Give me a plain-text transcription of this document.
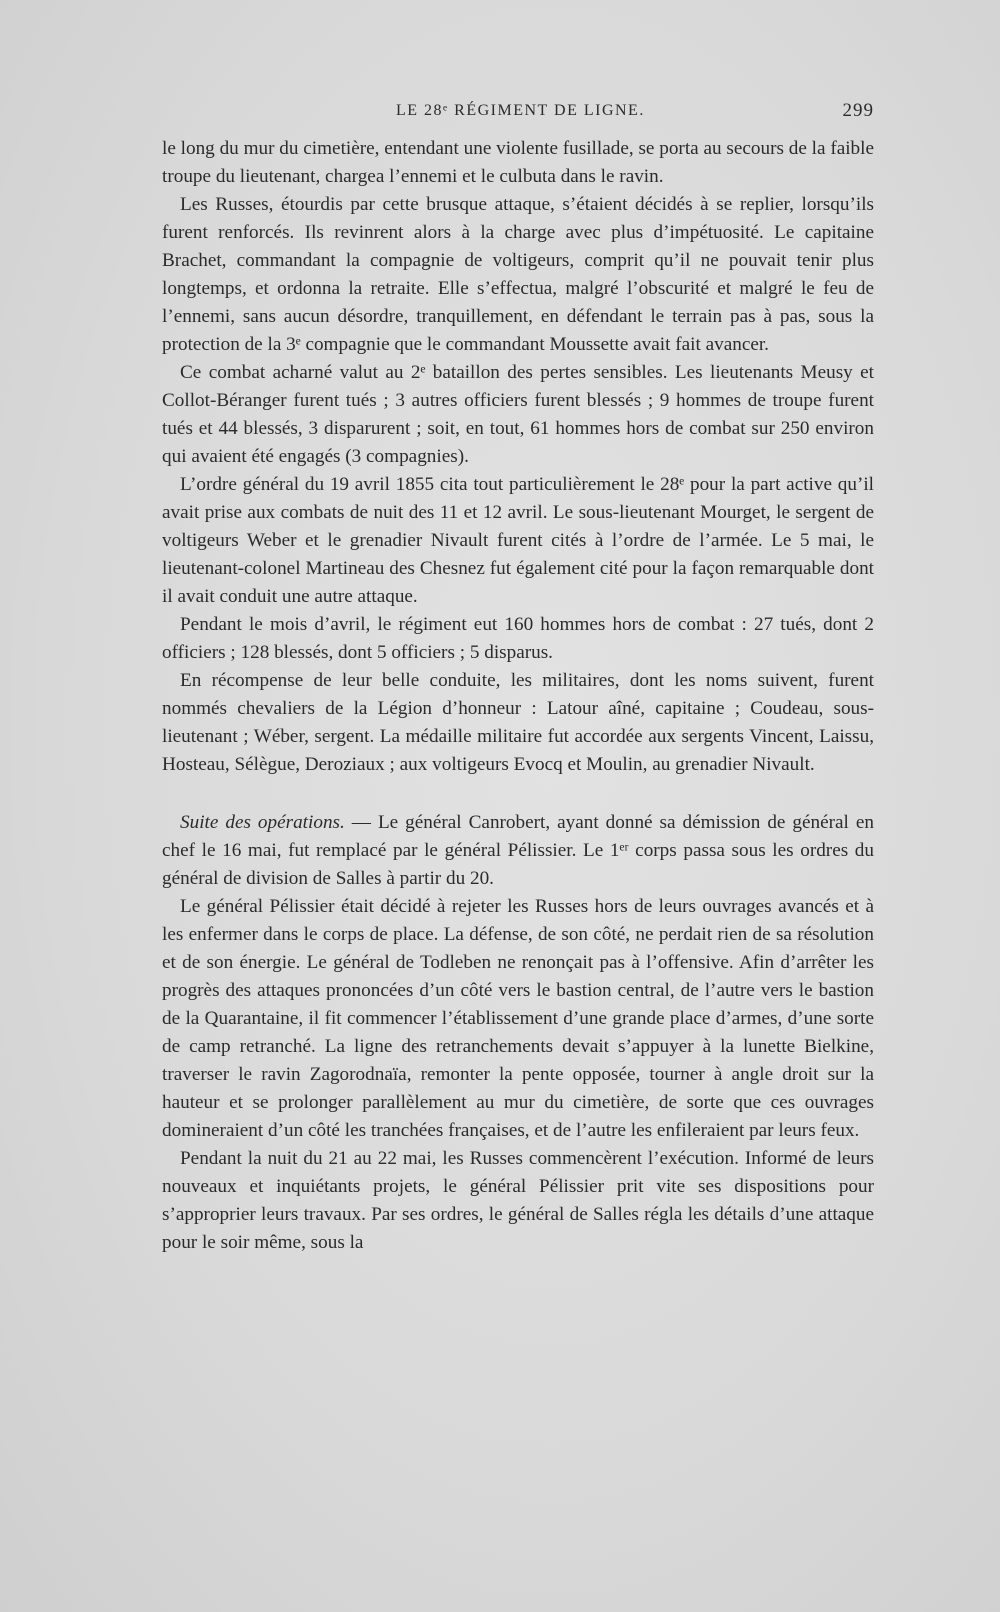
LE 28ᵉ RÉGIMENT DE LIGNE.	299

le long du mur du cimetière, entendant une violente fusillade, se porta au secours de la faible troupe du lieutenant, chargea l’ennemi et le culbuta dans le ravin.

Les Russes, étourdis par cette brusque attaque, s’étaient décidés à se replier, lorsqu’ils furent renforcés. Ils revinrent alors à la charge avec plus d’impétuosité. Le capitaine Brachet, commandant la compagnie de voltigeurs, comprit qu’il ne pouvait tenir plus longtemps, et ordonna la retraite. Elle s’effectua, malgré l’obscurité et malgré le feu de l’ennemi, sans aucun désordre, tranquillement, en défendant le terrain pas à pas, sous la protection de la 3ᵉ compagnie que le commandant Moussette avait fait avancer.

Ce combat acharné valut au 2ᵉ bataillon des pertes sensibles. Les lieutenants Meusy et Collot-Béranger furent tués ; 3 autres officiers furent blessés ; 9 hommes de troupe furent tués et 44 blessés, 3 disparurent ; soit, en tout, 61 hommes hors de combat sur 250 environ qui avaient été engagés (3 compagnies).

L’ordre général du 19 avril 1855 cita tout particulièrement le 28ᵉ pour la part active qu’il avait prise aux combats de nuit des 11 et 12 avril. Le sous-lieutenant Mourget, le sergent de voltigeurs Weber et le grenadier Nivault furent cités à l’ordre de l’armée. Le 5 mai, le lieutenant-colonel Martineau des Chesnez fut également cité pour la façon remarquable dont il avait conduit une autre attaque.

Pendant le mois d’avril, le régiment eut 160 hommes hors de combat : 27 tués, dont 2 officiers ; 128 blessés, dont 5 officiers ; 5 disparus.

En récompense de leur belle conduite, les militaires, dont les noms suivent, furent nommés chevaliers de la Légion d’honneur : Latour aîné, capitaine ; Coudeau, sous-lieutenant ; Wéber, sergent. La médaille militaire fut accordée aux sergents Vincent, Laissu, Hosteau, Sélègue, Deroziaux ; aux voltigeurs Evocq et Moulin, au grenadier Nivault.

Suite des opérations. — Le général Canrobert, ayant donné sa démission de général en chef le 16 mai, fut remplacé par le général Pélissier. Le 1ᵉʳ corps passa sous les ordres du général de division de Salles à partir du 20.

Le général Pélissier était décidé à rejeter les Russes hors de leurs ouvrages avancés et à les enfermer dans le corps de place. La défense, de son côté, ne perdait rien de sa résolution et de son énergie. Le général de Todleben ne renonçait pas à l’offensive. Afin d’arrêter les progrès des attaques prononcées d’un côté vers le bastion central, de l’autre vers le bastion de la Quarantaine, il fit commencer l’établissement d’une grande place d’armes, d’une sorte de camp retranché. La ligne des retranchements devait s’appuyer à la lunette Bielkine, traverser le ravin Zagorodnaïa, remonter la pente opposée, tourner à angle droit sur la hauteur et se prolonger parallèlement au mur du cimetière, de sorte que ces ouvrages domineraient d’un côté les tranchées françaises, et de l’autre les enfileraient par leurs feux.

Pendant la nuit du 21 au 22 mai, les Russes commencèrent l’exécution. Informé de leurs nouveaux et inquiétants projets, le général Pélissier prit vite ses dispositions pour s’approprier leurs travaux. Par ses ordres, le général de Salles régla les détails d’une attaque pour le soir même, sous la
